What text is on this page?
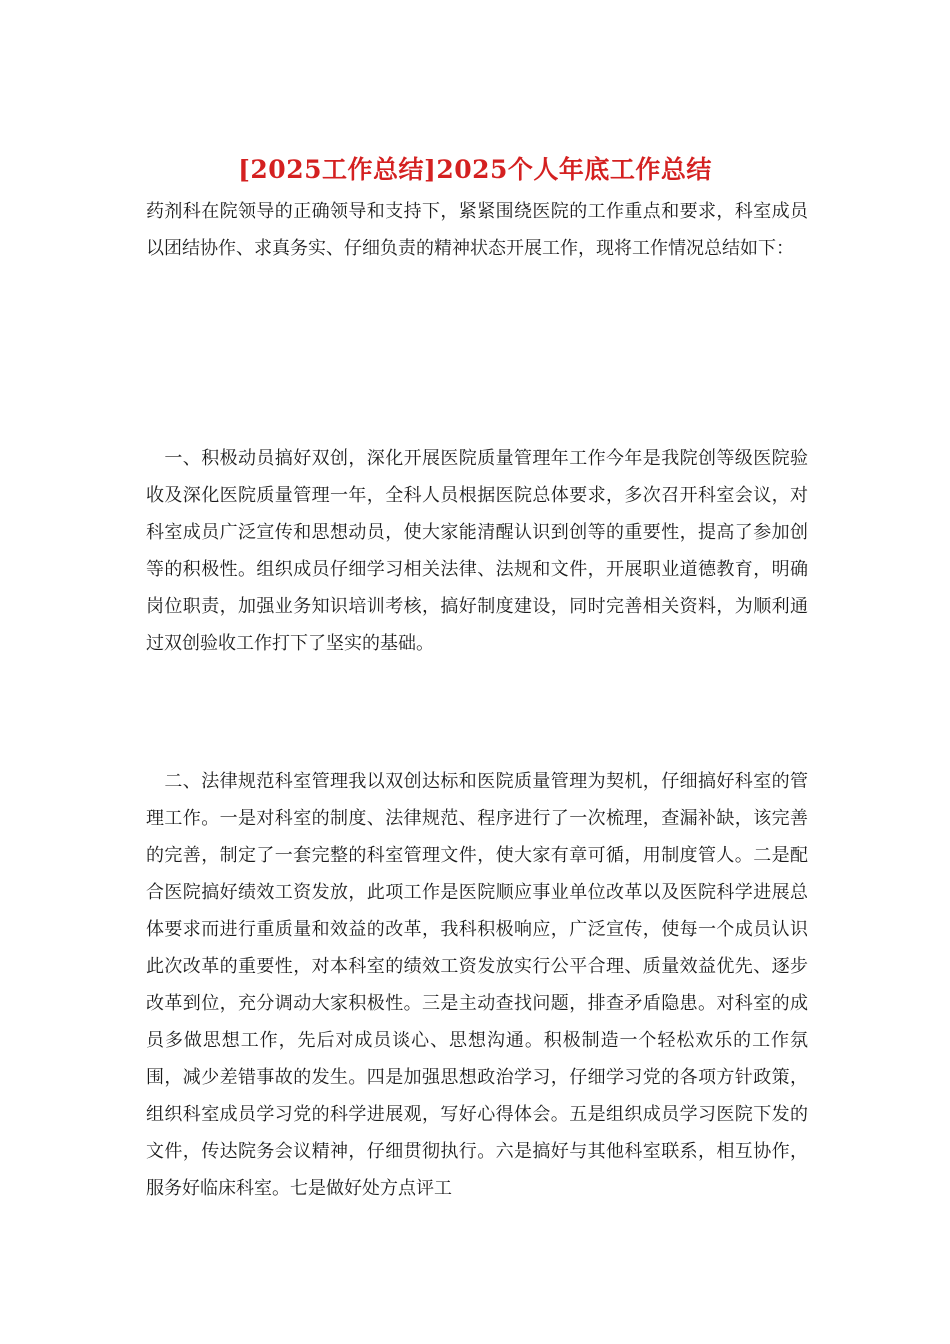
[2025工作总结]2025个人年底工作总结

药剂科在院领导的正确领导和支持下，紧紧围绕医院的工作重点和要求，科室成员以团结协作、求真务实、仔细负责的精神状态开展工作，现将工作情况总结如下：

　一、积极动员搞好双创，深化开展医院质量管理年工作今年是我院创等级医院验收及深化医院质量管理一年，全科人员根据医院总体要求，多次召开科室会议，对科室成员广泛宣传和思想动员，使大家能清醒认识到创等的重要性，提高了参加创等的积极性。组织成员仔细学习相关法律、法规和文件，开展职业道德教育，明确岗位职责，加强业务知识培训考核，搞好制度建设，同时完善相关资料，为顺利通过双创验收工作打下了坚实的基础。

　二、法律规范科室管理我以双创达标和医院质量管理为契机，仔细搞好科室的管理工作。一是对科室的制度、法律规范、程序进行了一次梳理，查漏补缺，该完善的完善，制定了一套完整的科室管理文件，使大家有章可循，用制度管人。二是配合医院搞好绩效工资发放，此项工作是医院顺应事业单位改革以及医院科学进展总体要求而进行重质量和效益的改革，我科积极响应，广泛宣传，使每一个成员认识此次改革的重要性，对本科室的绩效工资发放实行公平合理、质量效益优先、逐步改革到位，充分调动大家积极性。三是主动查找问题，排查矛盾隐患。对科室的成员多做思想工作，先后对成员谈心、思想沟通。积极制造一个轻松欢乐的工作氛围，减少差错事故的发生。四是加强思想政治学习，仔细学习党的各项方针政策，组织科室成员学习党的科学进展观，写好心得体会。五是组织成员学习医院下发的文件，传达院务会议精神，仔细贯彻执行。六是搞好与其他科室联系，相互协作，服务好临床科室。七是做好处方点评工
